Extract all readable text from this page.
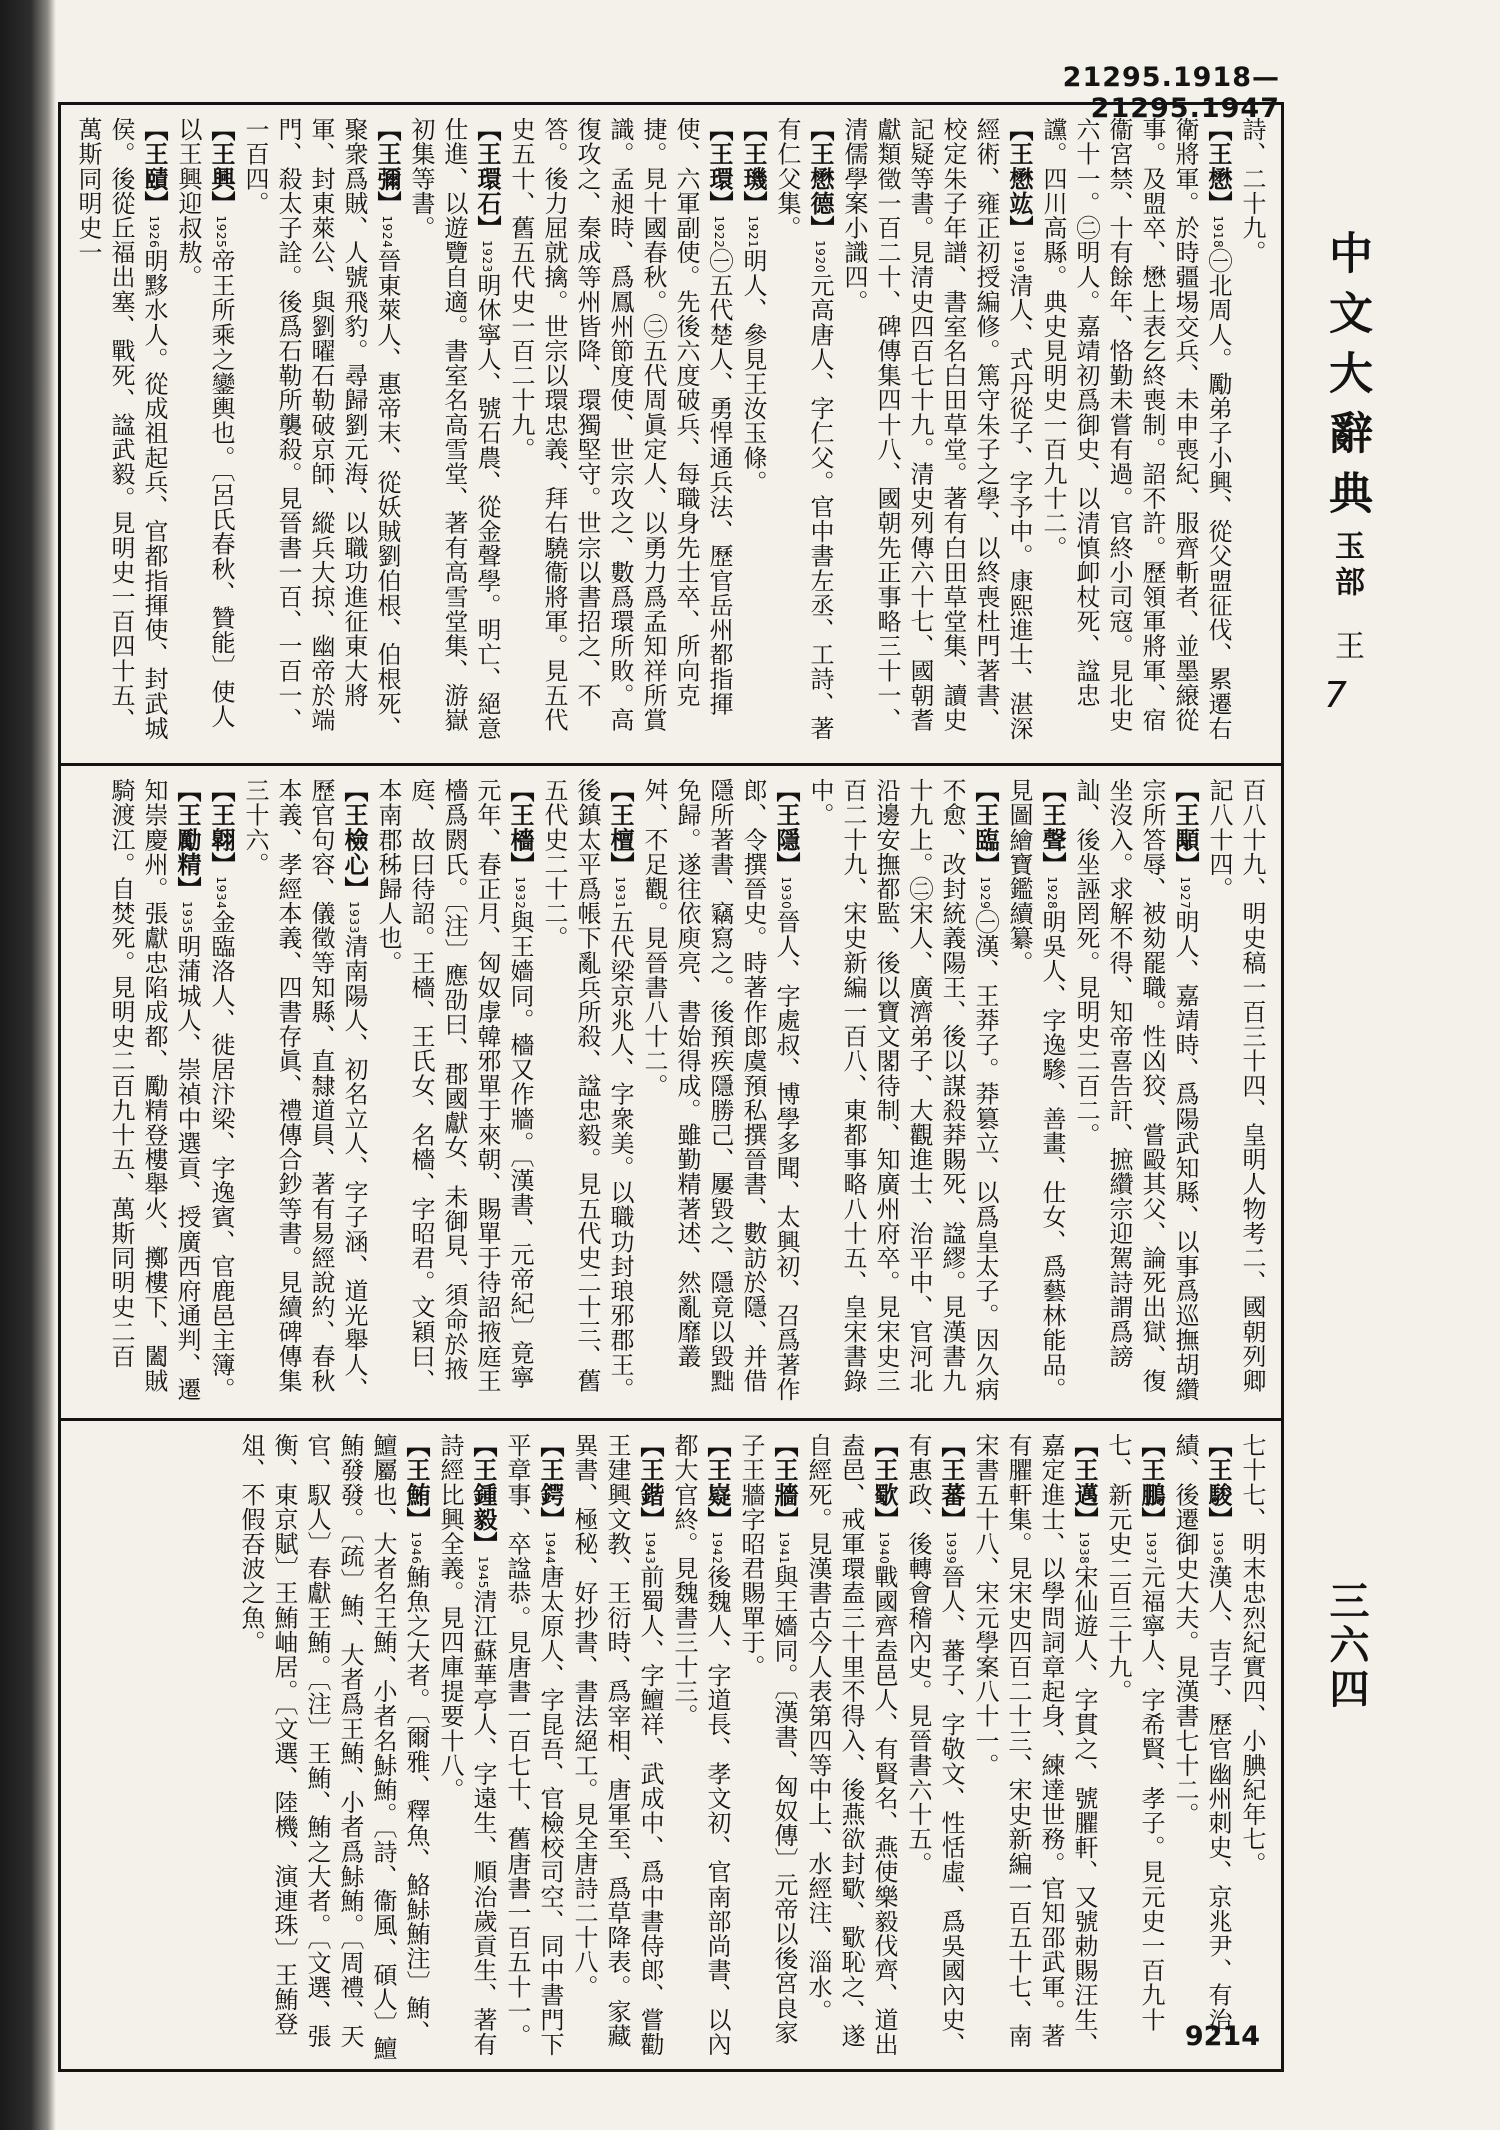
21295.1918—21295.1947
中文大辭典
玉部
王
7
三六四
詩、二十九。
【王懋】1918㊀北周人。勵弟子小興、從父盟征伐、累遷右衛將軍。於時疆埸交兵、未申喪紀、服齊斬者、並墨縗從事。及盟卒、懋上表乞終喪制。詔不許。歷領軍將軍、宿衞宮禁、十有餘年、恪勤未嘗有過。官終小司寇。見北史六十一。㊁明人。嘉靖初爲御史、以清慎卹杖死、諡忠讜。四川高縣。典史見明史一百九十二。
【王懋竑】1919清人、式丹從子、字予中。康熙進士、湛深經術、雍正初授編修。篤守朱子之學、以終喪杜門著書、校定朱子年譜、書室名白田草堂。著有白田草堂集、讀史記疑等書。見清史四百七十九。清史列傳六十七、國朝耆獻類徵一百二十、碑傳集四十八、國朝先正事略三十一、清儒學案小識四。
【王懋德】1920元高唐人、字仁父。官中書左丞、工詩、著有仁父集。
【王璣】1921明人、參見王汝玉條。
【王環】1922㊀五代楚人、勇悍通兵法、歷官岳州都指揮使、六軍副使。先後六度破兵、每職身先士卒、所向克捷。見十國春秋。㊁五代周眞定人、以勇力爲孟知祥所賞識。孟昶時、爲鳳州節度使、世宗攻之、數爲環所敗。高復攻之、秦成等州皆降、環獨堅守。世宗以書招之、不答。後力屈就擒。世宗以環忠義、拜右驍衞將軍。見五代史五十、舊五代史一百二十九。
【王環石】1923明休寧人、號石農、從金聲學。明亡、絕意仕進、以遊覽自適。書室名高雪堂、著有高雪堂集、游嶽初集等書。
【王彌】1924晉東萊人、惠帝末、從妖賊劉伯根、伯根死、聚衆爲賊、人號飛豹。尋歸劉元海、以職功進征東大將軍、封東萊公、與劉曜石勒破京師、縱兵大掠、幽帝於端門、殺太子詮。後爲石勒所襲殺。見晉書一百、一百一、一百四。
【王興】1925帝王所乘之鑾輿也。〔呂氏春秋、贊能〕使人以王興迎叔敖。
【王賾】1926明黟水人。從成祖起兵、官都指揮使、封武城侯。後從丘福出塞、戰死、諡武毅。見明史一百四十五、萬斯同明史一
百八十九、明史稿一百三十四、皇明人物考二、國朝列卿記八十四。
【王顒】1927明人、嘉靖時、爲陽武知縣、以事爲巡撫胡纘宗所答辱、被劾罷職。性凶狡、嘗毆其父、論死出獄、復坐沒入。求解不得、知帝喜告訐、摭纘宗迎駕詩謂爲謗訕、後坐誣罔死。見明史二百二。
【王聲】1928明吳人、字逸驂、善畫、仕女、爲藝林能品。見圖繪寶鑑續纂。
【王臨】1929㊀漢、王莽子。莽篡立、以爲皇太子。因久病不愈、改封統義陽王、後以謀殺莽賜死、諡繆。見漢書九十九上。㊁宋人、廣濟弟子、大觀進士、治平中、官河北沿邊安撫都監、後以寶文閣待制、知廣州府卒。見宋史三百二十九、宋史新編一百八、東都事略八十五、皇宋書錄中。
【王隱】1930晉人、字處叔、博學多聞、太興初、召爲著作郎、令撰晉史。時著作郎虞預私撰晉書、數訪於隱、并借隱所著書、竊寫之。後預疾隱勝己、屢毀之、隱竟以毀黜免歸。遂往依庾亮、書始得成。雖勤精著述、然亂靡叢舛、不足觀。見晉書八十二。
【王檀】1931五代梁京兆人、字衆美。以職功封琅邪郡王。後鎮太平爲帳下亂兵所殺、諡忠毅。見五代史二十三、舊五代史二十二。
【王檣】1932與王嬙同。檣又作牆。〔漢書、元帝紀〕竟寧元年、春正月、匈奴虖韓邪單于來朝、賜單于待詔掖庭王檣爲閼氏。〔注〕應劭曰、郡國獻女、未御見、須命於掖庭、故曰待詔。王檣、王氏女、名檣、字昭君。文穎曰、本南郡秭歸人也。
【王檢心】1933清南陽人、初名立人、字子涵、道光舉人、歷官句容、儀徵等知縣、直隸道員、著有易經說約、春秋本義、孝經本義、四書存眞、禮傳合鈔等書。見續碑傳集三十六。
【王翺】1934金臨洛人、徙居汴梁、字逸賓、官鹿邑主簿。
【王勵精】1935明蒲城人、崇禎中選貢、授廣西府通判、遷知崇慶州。張獻忠陷成都、勵精登樓舉火、擲樓下、闔賊騎渡江。自焚死。見明史二百九十五、萬斯同明史二百
七十七、明末忠烈紀實四、小腆紀年七。
【王駿】1936漢人、吉子、歷官幽州刺史、京兆尹、有治績、後遷御史大夫。見漢書七十二。
【王鵬】1937元福寧人、字希賢、孝子。見元史一百九十七、新元史二百三十九。
【王邁】1938宋仙遊人、字貫之、號臞軒、又號勅賜汪生、嘉定進士、以學問詞章起身、練達世務。官知邵武軍。著有臞軒集。見宋史四百二十三、宋史新編一百五十七、南宋書五十八、宋元學案八十一。
【王蕃】1939晉人、蕃子、字敬文、性恬虛、爲吳國內史、有惠政、後轉會稽內史。見晉書六十五。
【王歜】1940戰國齊盍邑人、有賢名、燕使樂毅伐齊、道出盍邑、戒軍環盍三十里不得入、後燕欲封歜、歜恥之、遂自經死。見漢書古今人表第四等中上、水經注、淄水。
【王牆】1941與王嬙同。〔漢書、匈奴傳〕元帝以後宮良家子王牆字昭君賜單于。
【王嶷】1942後魏人、字道長、孝文初、官南部尚書、以內都大官終。見魏書三十三。
【王鍇】1943前蜀人、字鱣祥、武成中、爲中書侍郎、嘗勸王建興文教、王衍時、爲宰相、唐軍至、爲草降表。家藏異書、極秘、好抄書、書法絕工。見全唐詩二十八。
【王鍔】1944唐太原人、字昆吾、官檢校司空、同中書門下平章事、卒諡恭。見唐書一百七十、舊唐書一百五十一。
【王鍾毅】1945清江蘇華亭人、字遠生、順治歲貢生、著有詩經比興全義。見四庫提要十八。
【王鮪】1946鮪魚之大者。〔爾雅、釋魚、鮥鮛鮪注〕鮪、鱣屬也、大者名王鮪、小者名鮛鮪。〔詩、衞風、碩人〕鱣鮪發發。〔疏〕鮪、大者爲王鮪、小者爲鮛鮪。〔周禮、天官、馭人〕春獻王鮪。〔注〕王鮪、鮪之大者。〔文選、張衡、東京賦〕王鮪岫居。〔文選、陸機、演連珠〕王鮪登俎、不假吞波之魚。
9214
